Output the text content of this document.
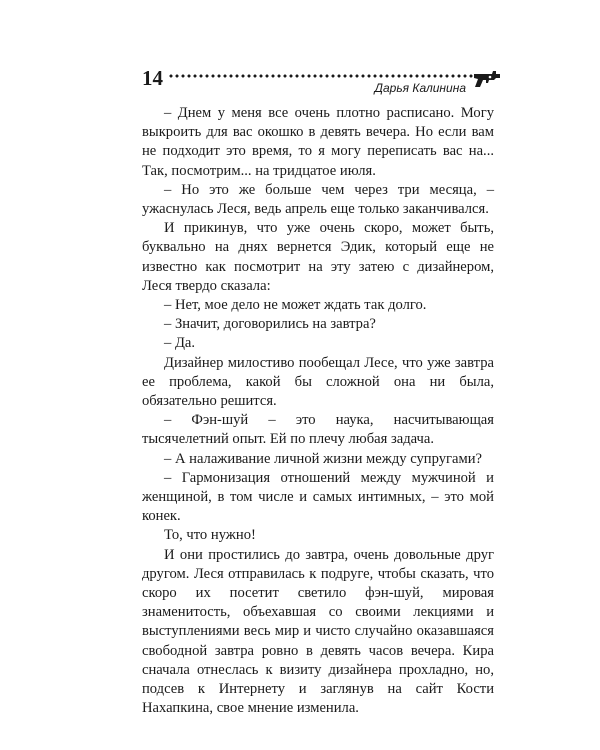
14	Дарья Калинина

– Днем у меня все очень плотно расписано. Могу выкроить для вас окошко в девять вечера. Но если вам не подходит это время, то я могу переписать вас на... Так, посмотрим... на тридцатое июля.

– Но это же больше чем через три месяца, – ужаснулась Леся, ведь апрель еще только заканчивался.

И прикинув, что уже очень скоро, может быть, буквально на днях вернется Эдик, который еще не известно как посмотрит на эту затею с дизайнером, Леся твердо сказала:

– Нет, мое дело не может ждать так долго.

– Значит, договорились на завтра?

– Да.

Дизайнер милостиво пообещал Лесе, что уже завтра ее проблема, какой бы сложной она ни была, обязательно решится.

– Фэн-шуй – это наука, насчитывающая тысячелетний опыт. Ей по плечу любая задача.

– А налаживание личной жизни между супругами?

– Гармонизация отношений между мужчиной и женщиной, в том числе и самых интимных, – это мой конек.

То, что нужно!

И они простились до завтра, очень довольные друг другом. Леся отправилась к подруге, чтобы сказать, что скоро их посетит светило фэн-шуй, мировая знаменитость, объехавшая со своими лекциями и выступлениями весь мир и чисто случайно оказавшаяся свободной завтра ровно в девять часов вечера. Кира сначала отнеслась к визиту дизайнера прохладно, но, подсев к Интернету и заглянув на сайт Кости Нахапкина, свое мнение изменила.
